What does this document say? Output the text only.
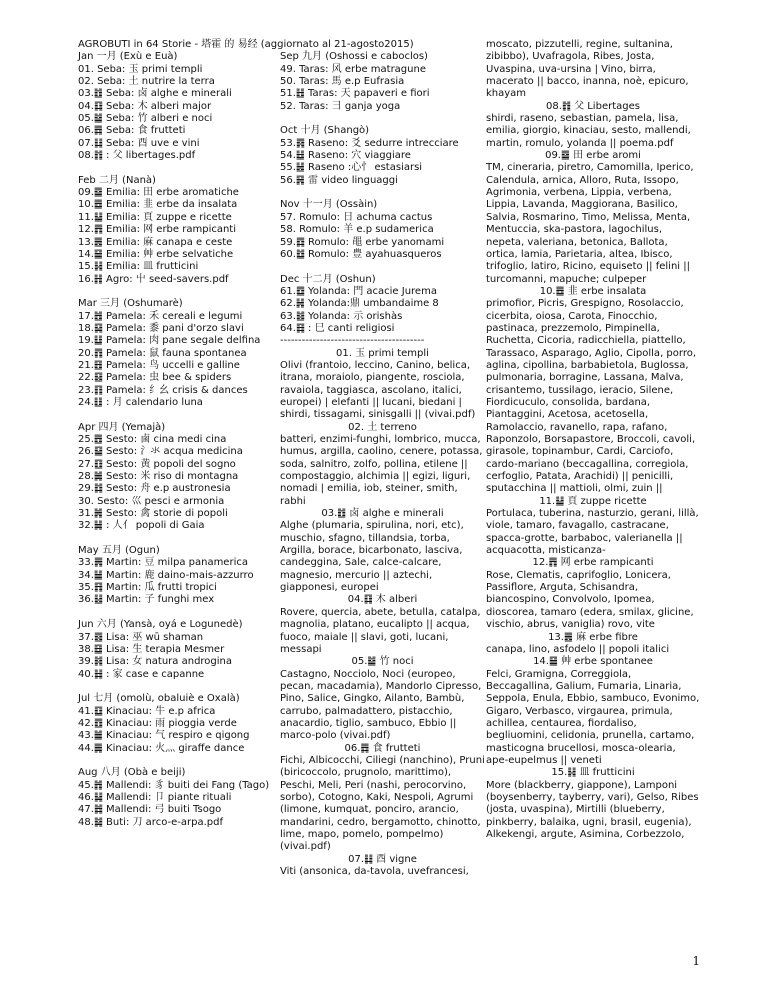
AGROBUTI in 64 Storie - 塔霍 的 易经 (aggiornato al 21-agosto2015)
Jan 一月 (Exù e Euà)
01. Seba: 玉 primi templi
02. Seba: 土 nutrire la terra
03.䷂ Seba: 卤 alghe e minerali
04.䷃ Seba: 木 alberi major
05.䷄ Seba: 竹 alberi e noci
06.䷅ Seba: 食 frutteti
07.䷆ Seba: 酉 uve e vini
08.䷇ : 父 libertages.pdf
Feb 二月 (Nanà)
09.䷈ Emilia: 田 erbe aromatiche
10.䷉ Emilia: 韭 erbe da insalata
11.䷊ Emilia: 頁 zuppe e ricette
12.䷋ Emilia: 网 erbe rampicanti
13.䷌ Emilia: 麻 canapa e ceste
14.䷍ Emilia: 艸 erbe selvatiche
15.䷎ Emilia: 皿 frutticini
16.䷏ Agro: 屮 seed-savers.pdf
Mar 三月 (Oshumarè)
17.䷐ Pamela: 禾 cereali e legumi
18.䷑ Pamela: 黍 pani d'orzo slavi
19.䷒ Pamela: 肉 pane segale delfina
20.䷓ Pamela: 鼠 fauna spontanea
21.䷔ Pamela: 鸟 uccelli e galline
22.䷕ Pamela: 虫 bee & spiders
23.䷖ Pamela: 纟幺 crisis & dances
24.䷗ : 月 calendario luna
Apr 四月 (Yemajà)
25.䷘ Sesto: 鹵 cina medi cina
26.䷙ Sesto: 氵氺 acqua medicina
27.䷚ Sesto: 黄 popoli del sogno
28.䷛ Sesto: 米 riso di montagna
29.䷜ Sesto: 舟 e.p austronesia
30. Sesto: 巛 pesci e armonia
31.䷞ Sesto: 禽 storie di popoli
32.䷟ : 人亻 popoli di Gaia
May 五月 (Ogun)
33.䷠ Martin: 豆 milpa panamerica
34.䷡ Martin: 鹿 daino-mais-azzurro
35.䷢ Martin: 瓜 frutti tropici
36.䷣ Martin: 子 funghi mex
Jun 六月 (Yansà, oyá e Logunedè)
37.䷤ Lisa: 巫 wū shaman
38.䷥ Lisa: 生 terapia Mesmer
39.䷦ Lisa: 女 natura androgina
40.䷧ : 家 case e capanne
Jul 七月 (omolù, obaluiè e Oxalà)
41.䷨ Kinaciau: 牛 e.p africa
42.䷩ Kinaciau: 雨 pioggia verde
43.䷪ Kinaciau: 气 respiro e qigong
44.䷫ Kinaciau: 火灬 giraffe dance
Aug 八月 (Obà e beiji)
45.䷬ Mallendi: 豸 buiti dei Fang (Tago)
46.䷭ Mallendi: 卩 piante rituali
47.䷮ Mallendi: 弓 buiti Tsogo
48.䷯ Buti: 刀 arco-e-arpa.pdf
Sep 九月 (Oshossi e caboclos)
49. Taras: 风 erbe matragune
50. Taras: 馬 e.p Eufrasia
51.䷲ Taras: 天 papaveri e fiori
52. Taras: ⺕ ganja yoga
Oct 十月 (Shangò)
53.䷴ Raseno: 爻 sedurre intrecciare
54.䷵ Raseno: 穴 viaggiare
55.䷶ Raseno :心忄 estasiarsi
56.䷷ 雷 video linguaggi
Nov 十一月 (Ossàin)
57. Romulo: 日 achuma cactus
58. Romulo: 羊 e.p sudamerica
59.䷺ Romulo: 黽 erbe yanomami
60.䷻ Romulo: 豊 ayahuasqueros
Dec 十二月 (Oshun)
61.䷼ Yolanda: 門 acacie Jurema
62.䷽ Yolanda:鼎 umbandaime 8
63.䷾ Yolanda: 示 orishàs
64.䷿ : 巳 canti religiosi
----------------------------------------
01. 玉 primi templi
Olivi (frantoio, leccino, Canino, belica, itrana, moraiolo, piangente, rosciola, ravaiola, taggiasca, ascolano, italici, europei) | elefanti || lucani, biedani | shirdi, tissagami, sinisgalli || (vivai.pdf)
02. 土 terreno
batteri, enzimi-funghi, lombrico, mucca, humus, argilla, caolino, cenere, potassa, soda, salnitro, zolfo, pollina, etilene || compostaggio, alchimia || egizi, liguri, nomadi | emilia, iob, steiner, smith, rabhi
03.䷂ 卤 alghe e minerali
Alghe (plumaria, spirulina, nori, etc), muschio, sfagno, tillandsia, torba, Argilla, borace, bicarbonato, lasciva, candeggina, Sale, calce-calcare, magnesio, mercurio || aztechi, giapponesi, europei
04.䷃ 木 alberi
Rovere, quercia, abete, betulla, catalpa, magnolia, platano, eucalipto || acqua, fuoco, maiale || slavi, goti, lucani, messapi
05.䷄ 竹 noci
Castagno, Nocciolo, Noci (europeo, pecan, macadamia), Mandorlo Cipresso, Pino, Salice, Gingko, Ailanto, Bambù, carrubo, palmadattero, pistacchio, anacardio, tiglio, sambuco, Ebbio || marco-polo (vivai.pdf)
06.䷅ 食 frutteti
Fichi, Albicocchi, Ciliegi (nanchino), Pruni (biricoccolo, prugnolo, marittimo), Peschi, Meli, Peri (nashi, perocorvino, sorbo), Cotogno, Kaki, Nespoli, Agrumi (limone, kumquat, poncirо, arancio, mandarini, cedro, bergamotto, chinotto, lime, mapo, pomelo, pompelmo) (vivai.pdf)
07.䷆ 酉 vigne
Viti (ansonica, da-tavola, uvefrancesi,
moscato, pizzutelli, regine, sultanina, zibibbo), Uvafragola, Ribes, Josta, Uvaspina, uva-ursina | Vino, birra, macerato || bacco, inanna, noè, epicuro, khayam
08.䷇ 父 Libertages
shirdi, raseno, sebastian, pamela, lisa, emilia, giorgio, kinaciau, sesto, mallendi, martin, romulo, yolanda || poema.pdf
09.䷈ 田 erbe aromi
TM, cineraria, piretro, Camomilla, Iperico, Calendula, arnica, Alloro, Ruta, Issopo, Agrimonia, verbena, Lippia, verbena, Lippia, Lavanda, Maggiorana, Basilico, Salvia, Rosmarino, Timo, Melissa, Menta, Mentuccia, ska-pastora, lagochilus, nepeta, valeriana, betonica, Ballota, ortica, lamia, Parietaria, altea, Ibisco, trifoglio, latiro, Ricino, equiseto || felini || turcomanni, mapuche; culpeper
10.䷉ 韭 erbe insalata
primofior, Picris, Grespigno, Rosolaccio, cicerbita, oiosa, Carota, Finocchio, pastinaca, prezzemolo, Pimpinella, Ruchetta, Cicoria, radicchiella, piattello, Tarassaco, Asparago, Aglio, Cipolla, porro, aglina, cipollina, barbabietola, Buglossa, pulmonaria, borragine, Lassana, Malva, crisantemo, tussilago, ieracio, Silene, Fiordicuculo, consolida, bardana, Piantaggini, Acetosa, acetosella, Ramolaccio, ravanello, rapa, rafano, Raponzolo, Borsapastore, Broccoli, cavoli, girasole, topinambur, Cardi, Carciofo, cardo-mariano (beccagallina, corregiola, cerfoglio, Patata, Arachidi) || penicilli, sputacchina || mattioli, olmi, zuin ||
11.䷊ 頁 zuppe ricette
Portulaca, tuberina, nasturzio, gerani, lillà, viole, tamaro, favagallo, castracane, spacca-grotte, barbaboc, valerianella || acquacotta, misticanza-
12.䷋ 网 erbe rampicanti
Rose, Clematis, caprifoglio, Lonicera, Passiflore, Arguta, Schisandra, biancospino, Convolvolo, Ipomea, dioscorea, tamaro (edera, smilax, glicine, vischio, abrus, vaniglia) rovo, vite
13.䷌ 麻 erbe fibre
canapa, lino, asfodelo || popoli italici
14.䷍ 艸 erbe spontanee
Felci, Gramigna, Correggiola, Beccagallina, Galium, Fumaria, Linaria, Seppola, Enula, Ebbio, sambuco, Evonimo, Gigaro, Verbasco, virgaurea, primula, achillea, centaurea, fiordaliso, begliuomini, celidonia, prunella, cartamo, masticogna brucellosi, mosca-olearia, ape-eupelmus || veneti
15.䷎ 皿 frutticini
More (blackberry, giappone), Lamponi (boysenberry, tayberry, vari), Gelso, Ribes (josta, uvaspina), Mirtilli (blueberry, pinkberry, balaika, ugni, brasil, eugenia), Alkekengi, argute, Asimina, Corbezzolo,
1
